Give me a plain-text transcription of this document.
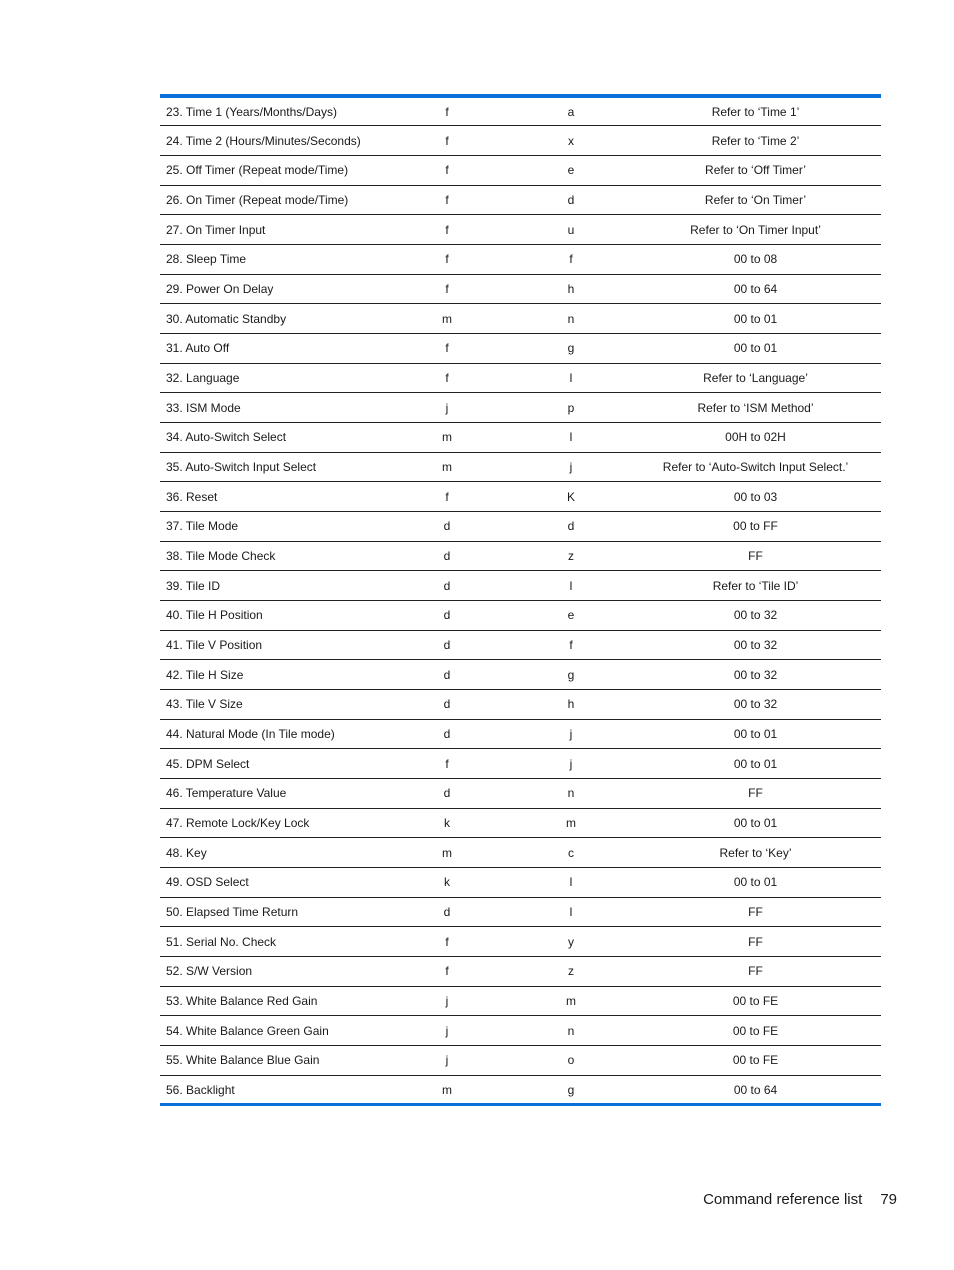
23. Time 1 (Years/Months/Days)	f	a	Refer to ‘Time 1’
24. Time 2 (Hours/Minutes/Seconds)	f	x	Refer to ‘Time 2’
25. Off Timer (Repeat mode/Time)	f	e	Refer to ‘Off Timer’
26. On Timer (Repeat mode/Time)	f	d	Refer to ‘On Timer’
27. On Timer Input	f	u	Refer to ‘On Timer Input’
28. Sleep Time	f	f	00 to 08
29. Power On Delay	f	h	00 to 64
30. Automatic Standby	m	n	00 to 01
31. Auto Off	f	g	00 to 01
32. Language	f	l	Refer to ‘Language’
33. ISM Mode	j	p	Refer to ‘ISM Method’
34. Auto-Switch Select	m	l	00H to 02H
35. Auto-Switch Input Select	m	j	Refer to ‘Auto-Switch Input Select.’
36. Reset	f	K	00 to 03
37. Tile Mode	d	d	00 to FF
38. Tile Mode Check	d	z	FF
39. Tile ID	d	l	Refer to ‘Tile ID’
40. Tile H Position	d	e	00 to 32
41. Tile V Position	d	f	00 to 32
42. Tile H Size	d	g	00 to 32
43. Tile V Size	d	h	00 to 32
44. Natural Mode (In Tile mode)	d	j	00 to 01
45. DPM Select	f	j	00 to 01
46. Temperature Value	d	n	FF
47. Remote Lock/Key Lock	k	m	00 to 01
48. Key	m	c	Refer to ‘Key’
49. OSD Select	k	l	00 to 01
50. Elapsed Time Return	d	l	FF
51. Serial No. Check	f	y	FF
52. S/W Version	f	z	FF
53. White Balance Red Gain	j	m	00 to FE
54. White Balance Green Gain	j	n	00 to FE
55. White Balance Blue Gain	j	o	00 to FE
56. Backlight	m	g	00 to 64
Command reference list 79
